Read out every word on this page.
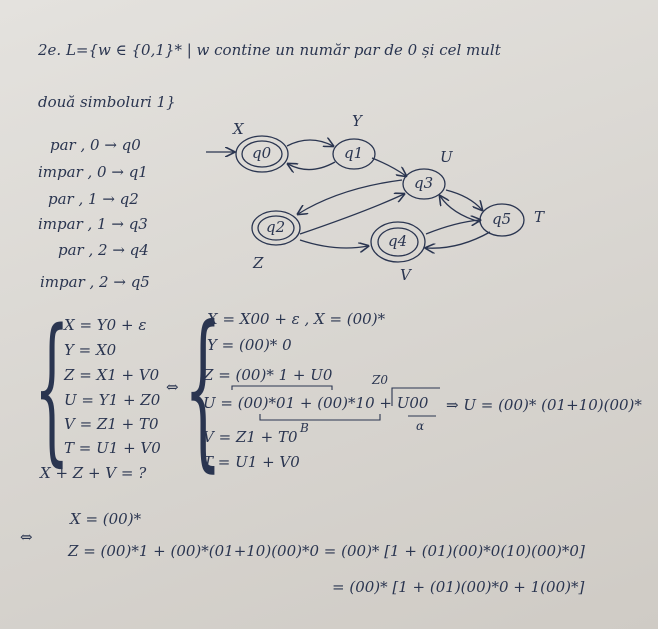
2e. L={w ∈ {0,1}* | w contine un număr par de 0 și cel mult
două simboluri 1}
par , 0 → q0
impar , 0 → q1
par , 1 → q2
impar , 1 → q3
par , 2 → q4
impar , 2 → q5
q0	q1
q3
q2
q4
q5
X	Y
U
Z
V
T
{
X = Y0 + ε
Y = X0
Z = X1 + V0
U = Y1 + Z0
V = Z1 + T0
T = U1 + V0
X + Z + V = ?
⇔ {
X = X00 + ε , X = (00)*
Y = (00)* 0
Z = (00)* 1 + U0	Z0
U = (00)*01 + (00)*10 + U00
B	α
⇒ U = (00)* (01+10)(00)*
V = Z1 + T0
T = U1 + V0
X = (00)*
⇔
Z = (00)*1 + (00)*(01+10)(00)*0 = (00)* [1 + (01)(00)*0(10)(00)*0]
= (00)* [1 + (01)(00)*0 + 1(00)*]
